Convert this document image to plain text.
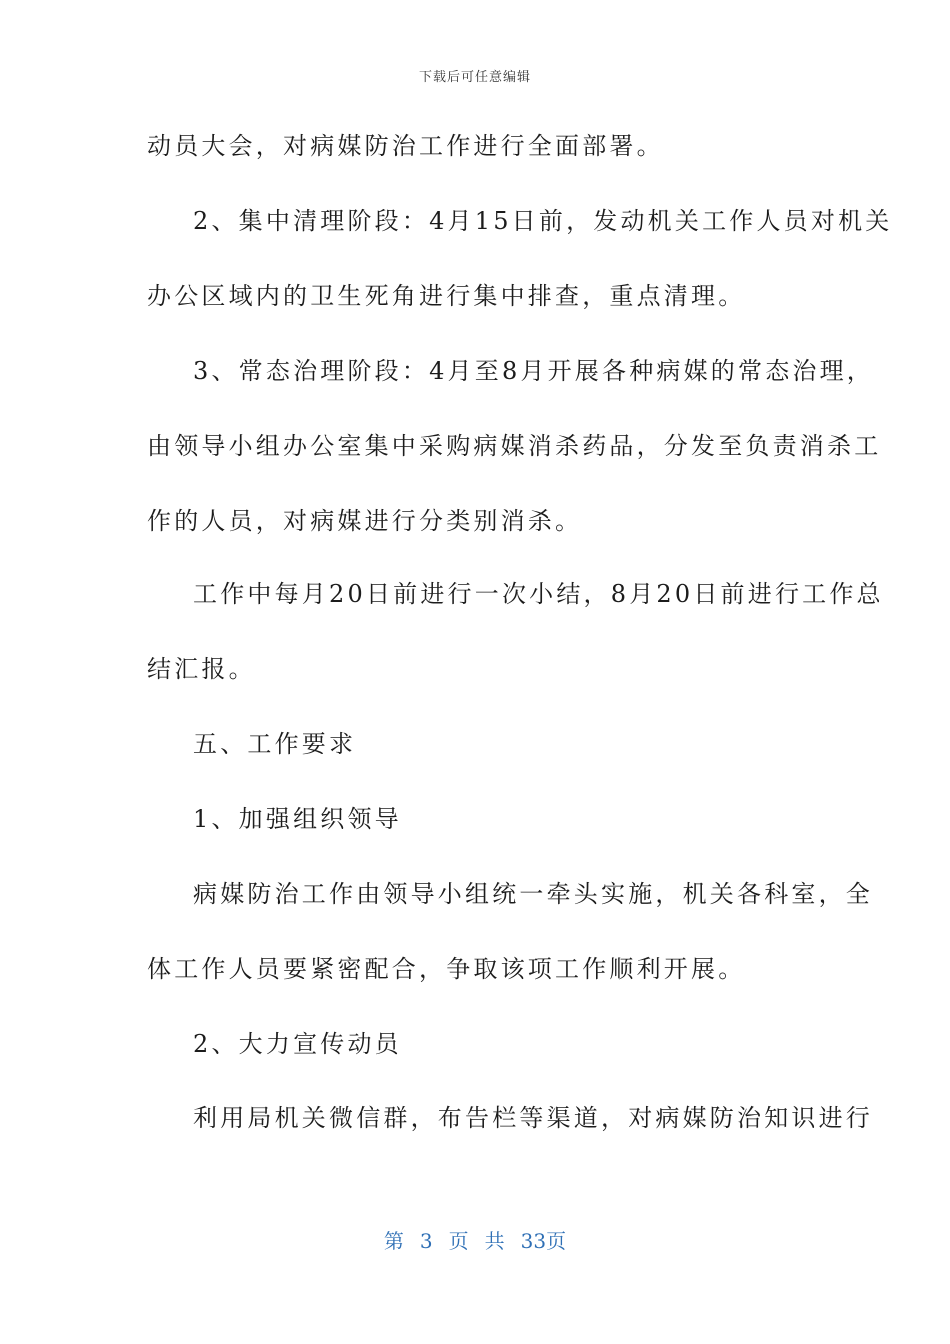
下载后可任意编辑
动员大会，对病媒防治工作进行全面部署。
2、集中清理阶段：4月15日前，发动机关工作人员对机关
办公区域内的卫生死角进行集中排查，重点清理。
3、常态治理阶段：4月至8月开展各种病媒的常态治理，
由领导小组办公室集中采购病媒消杀药品，分发至负责消杀工
作的人员，对病媒进行分类别消杀。
工作中每月20日前进行一次小结，8月20日前进行工作总
结汇报。
五、工作要求
1、加强组织领导
病媒防治工作由领导小组统一牵头实施，机关各科室，全
体工作人员要紧密配合，争取该项工作顺利开展。
2、大力宣传动员
利用局机关微信群，布告栏等渠道，对病媒防治知识进行
第 3 页 共 33页
